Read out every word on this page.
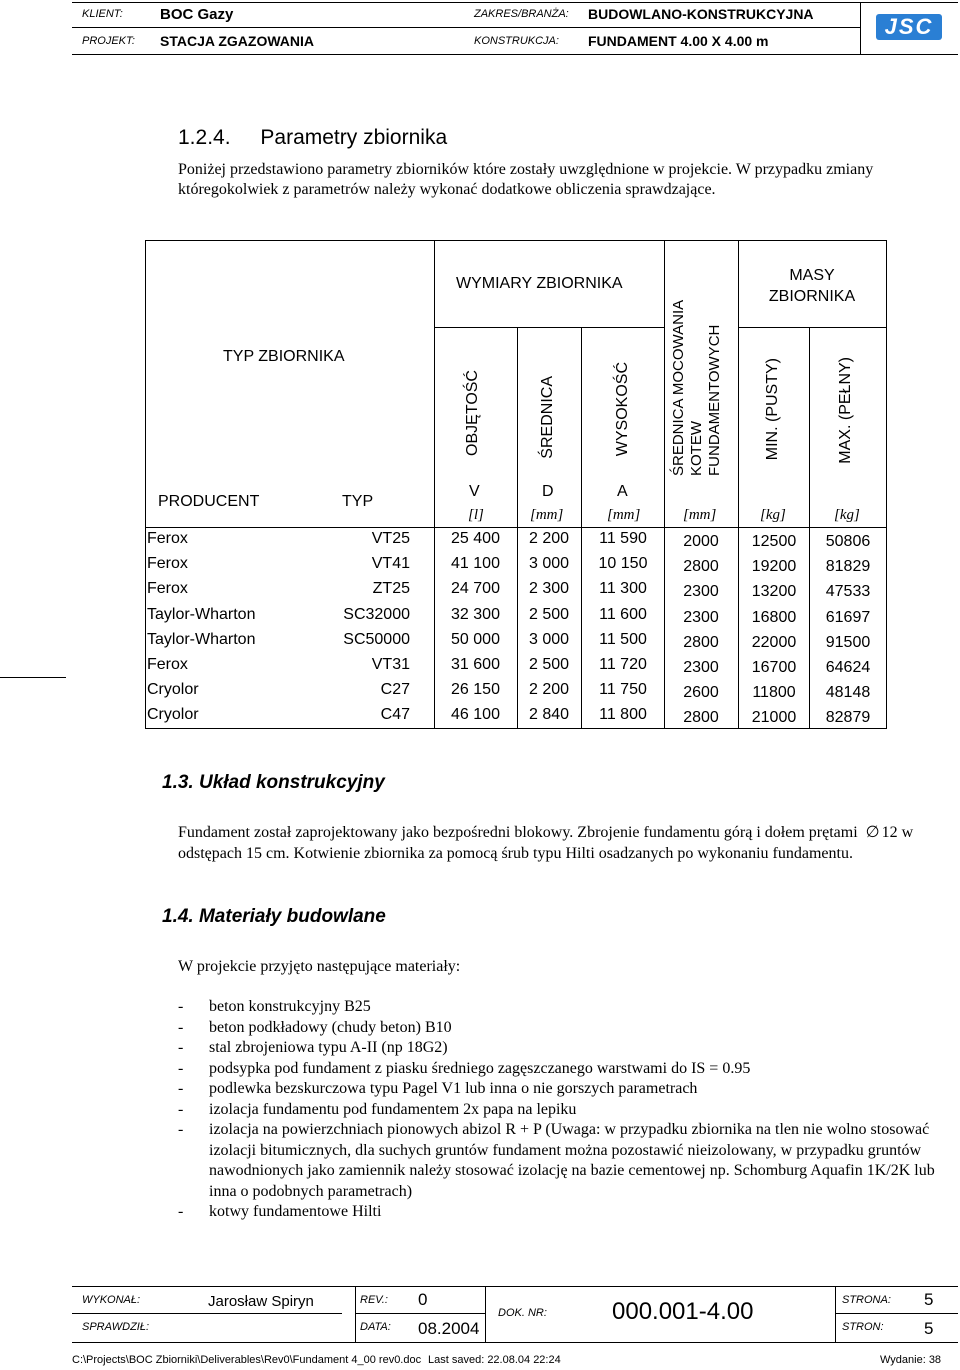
KLIENT: BOC Gazy	ZAKRES/BRANŻA: BUDOWLANO-KONSTRUKCYJNA
PROJEKT: STACJA ZGAZOWANIA	KONSTRUKCJA: FUNDAMENT 4.00 X 4.00 m
JSC
1.2.4. Parametry zbiornika
Poniżej przedstawiono parametry zbiorników które zostały uwzględnione w projekcie. W przypadku zmiany któregokolwiek z parametrów należy wykonać dodatkowe obliczenia sprawdzające.
TYP ZBIORNIKA
WYMIARY ZBIORNIKA	MASY ZBIORNIKA
OBJĘTOŚĆ	ŚREDNICA	WYSOKOŚĆ	ŚREDNICA MOCOWANIA KOTEW FUNDAMENTOWYCH	MIN. (PUSTY)	MAX. (PEŁNY)
PRODUCENT	TYP
V	D	A
[l]	[mm]	[mm]	[mm]	[kg]	[kg]
Ferox	VT25	25 400	2 200	11 590	2000	12500	50806
Ferox	VT41	41 100	3 000	10 150	2800	19200	81829
Ferox	ZT25	24 700	2 300	11 300	2300	13200	47533
Taylor-Wharton	SC32000	32 300	2 500	11 600	2300	16800	61697
Taylor-Wharton	SC50000	50 000	3 000	11 500	2800	22000	91500
Ferox	VT31	31 600	2 500	11 720	2300	16700	64624
Cryolor	C27	26 150	2 200	11 750	2600	11800	48148
Cryolor	C47	46 100	2 840	11 800	2800	21000	82879
1.3. Układ konstrukcyjny
Fundament został zaprojektowany jako bezpośredni blokowy. Zbrojenie fundamentu górą i dołem prętami ∅ 12 w odstępach 15 cm. Kotwienie zbiornika za pomocą śrub typu Hilti osadzanych po wykonaniu fundamentu.
1.4. Materiały budowlane
W projekcie przyjęto następujące materiały:
-	beton konstrukcyjny B25
-	beton podkładowy (chudy beton) B10
-	stal zbrojeniowa typu A-II (np 18G2)
-	podsypka pod fundament z piasku średniego zagęszczanego warstwami do IS = 0.95
-	podlewka bezskurczowa typu Pagel V1 lub inna o nie gorszych parametrach
-	izolacja fundamentu pod fundamentem 2x papa na lepiku
-	izolacja na powierzchniach pionowych abizol R + P (Uwaga: w przypadku zbiornika na tlen nie wolno stosować izolacji bitumicznych, dla suchych gruntów fundament można pozostawić nieizolowany, w przypadku gruntów nawodnionych jako zamiennik należy stosować izolację na bazie cementowej np. Schomburg Aquafin 1K/2K lub inna o podobnych parametrach)
-	kotwy fundamentowe Hilti
WYKONAŁ:	Jarosław Spiryn	REV.: 0
DOK. NR:	000.001-4.00	STRONA: 5
SPRAWDZIŁ:	DATA: 08.2004	STRON: 5
C:\Projects\BOC Zbiorniki\Deliverables\Rev0\Fundament 4_00 rev0.doc Last saved: 22.08.04 22:24	Wydanie: 38
